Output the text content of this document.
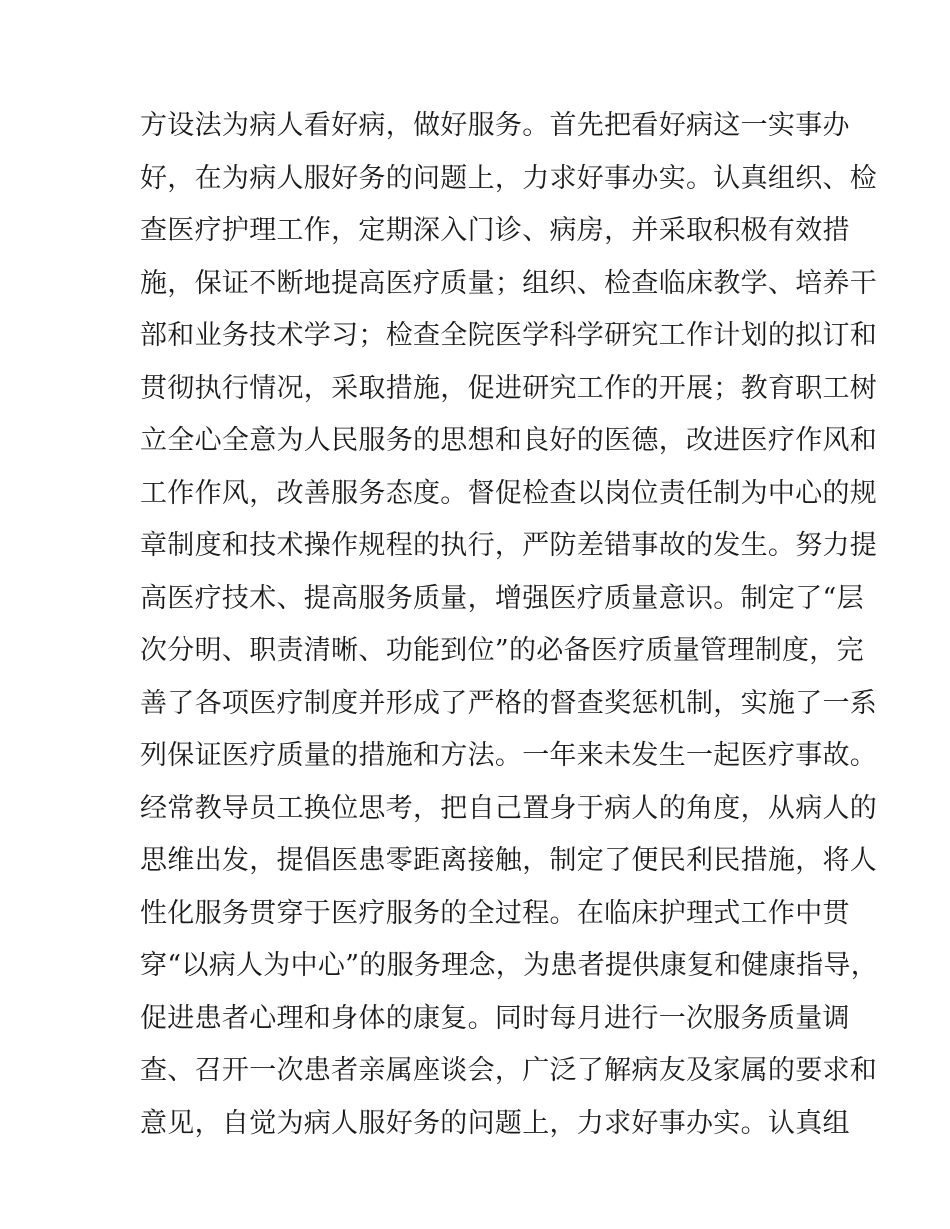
方设法为病人看好病，做好服务。首先把看好病这一实事办
好，在为病人服好务的问题上，力求好事办实。认真组织、检
查医疗护理工作，定期深入门诊、病房，并采取积极有效措
施，保证不断地提高医疗质量；组织、检查临床教学、培养干
部和业务技术学习；检查全院医学科学研究工作计划的拟订和
贯彻执行情况，采取措施，促进研究工作的开展；教育职工树
立全心全意为人民服务的思想和良好的医德，改进医疗作风和
工作作风，改善服务态度。督促检查以岗位责任制为中心的规
章制度和技术操作规程的执行，严防差错事故的发生。努力提
高医疗技术、提高服务质量，增强医疗质量意识。制定了“层
次分明、职责清晰、功能到位”的必备医疗质量管理制度，完
善了各项医疗制度并形成了严格的督查奖惩机制，实施了一系
列保证医疗质量的措施和方法。一年来未发生一起医疗事故。
经常教导员工换位思考，把自己置身于病人的角度，从病人的
思维出发，提倡医患零距离接触，制定了便民利民措施，将人
性化服务贯穿于医疗服务的全过程。在临床护理式工作中贯
穿“以病人为中心”的服务理念，为患者提供康复和健康指导，
促进患者心理和身体的康复。同时每月进行一次服务质量调
查、召开一次患者亲属座谈会，广泛了解病友及家属的要求和
意见，自觉为病人服好务的问题上，力求好事办实。认真组
